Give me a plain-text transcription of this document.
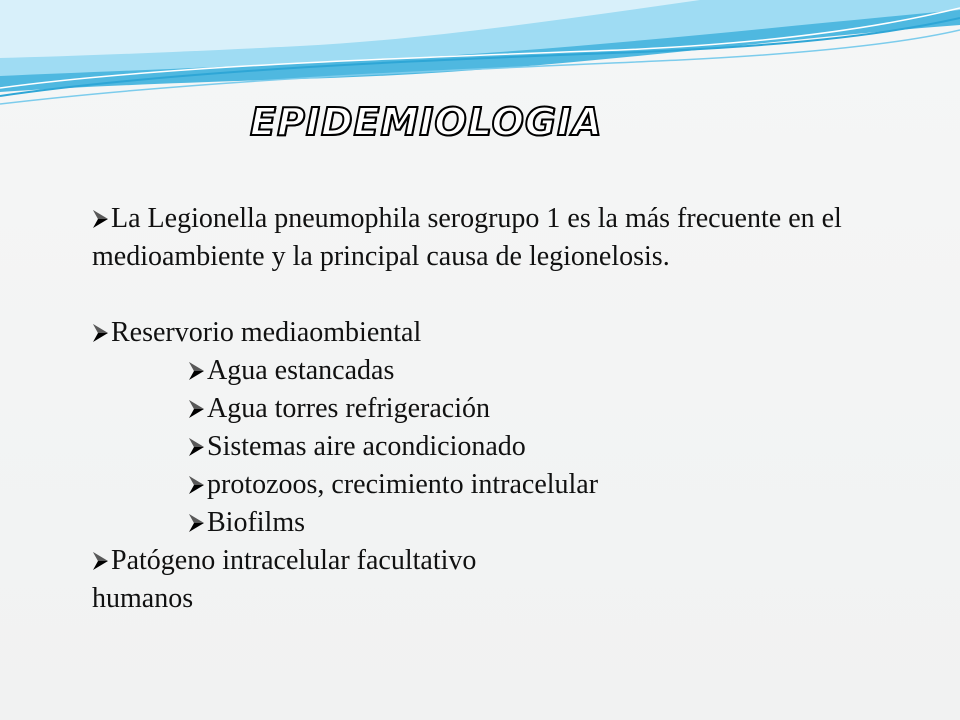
EPIDEMIOLOGIA

La Legionella pneumophila serogrupo 1 es la más frecuente en el medioambiente y la principal causa de legionelosis.

Reservorio mediaombiental

Agua estancadas

Agua torres refrigeración

Sistemas aire acondicionado

protozoos, crecimiento intracelular

Biofilms

Patógeno intracelular facultativo

humanos
